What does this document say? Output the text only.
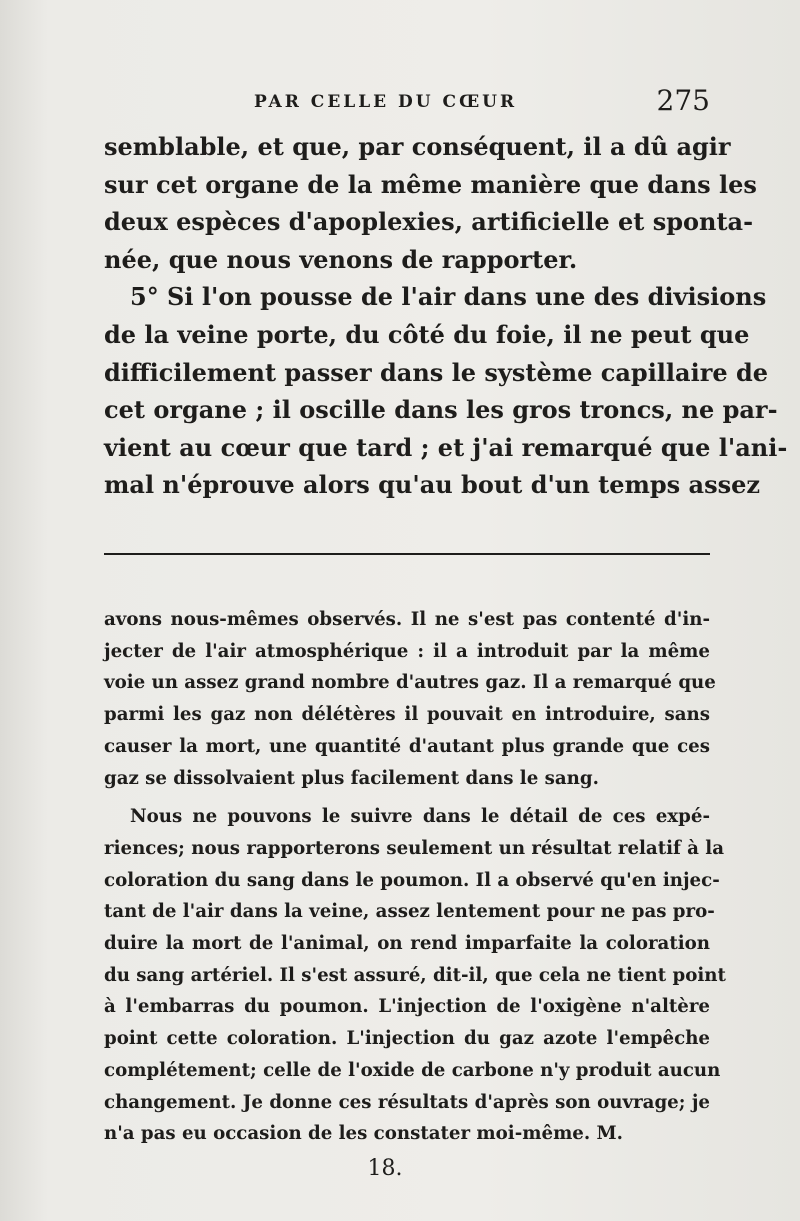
PAR CELLE DU CŒUR	275
semblable, et que, par conséquent, il a dû agir
sur cet organe de la même manière que dans les
deux espèces d'apoplexies, artificielle et sponta-
née, que nous venons de rapporter.
5° Si l'on pousse de l'air dans une des divisions
de la veine porte, du côté du foie, il ne peut que
difficilement passer dans le système capillaire de
cet organe ; il oscille dans les gros troncs, ne par-
vient au cœur que tard ; et j'ai remarqué que l'ani-
mal n'éprouve alors qu'au bout d'un temps assez
avons nous-mêmes observés. Il ne s'est pas contenté d'in-
jecter de l'air atmosphérique : il a introduit par la même
voie un assez grand nombre d'autres gaz. Il a remarqué que
parmi les gaz non délétères il pouvait en introduire, sans
causer la mort, une quantité d'autant plus grande que ces
gaz se dissolvaient plus facilement dans le sang.
Nous ne pouvons le suivre dans le détail de ces expé-
riences; nous rapporterons seulement un résultat relatif à la
coloration du sang dans le poumon. Il a observé qu'en injec-
tant de l'air dans la veine, assez lentement pour ne pas pro-
duire la mort de l'animal, on rend imparfaite la coloration
du sang artériel. Il s'est assuré, dit-il, que cela ne tient point
à l'embarras du poumon. L'injection de l'oxigène n'altère
point cette coloration. L'injection du gaz azote l'empêche
complétement; celle de l'oxide de carbone n'y produit aucun
changement. Je donne ces résultats d'après son ouvrage; je
n'a pas eu occasion de les constater moi-même. M.
18.
